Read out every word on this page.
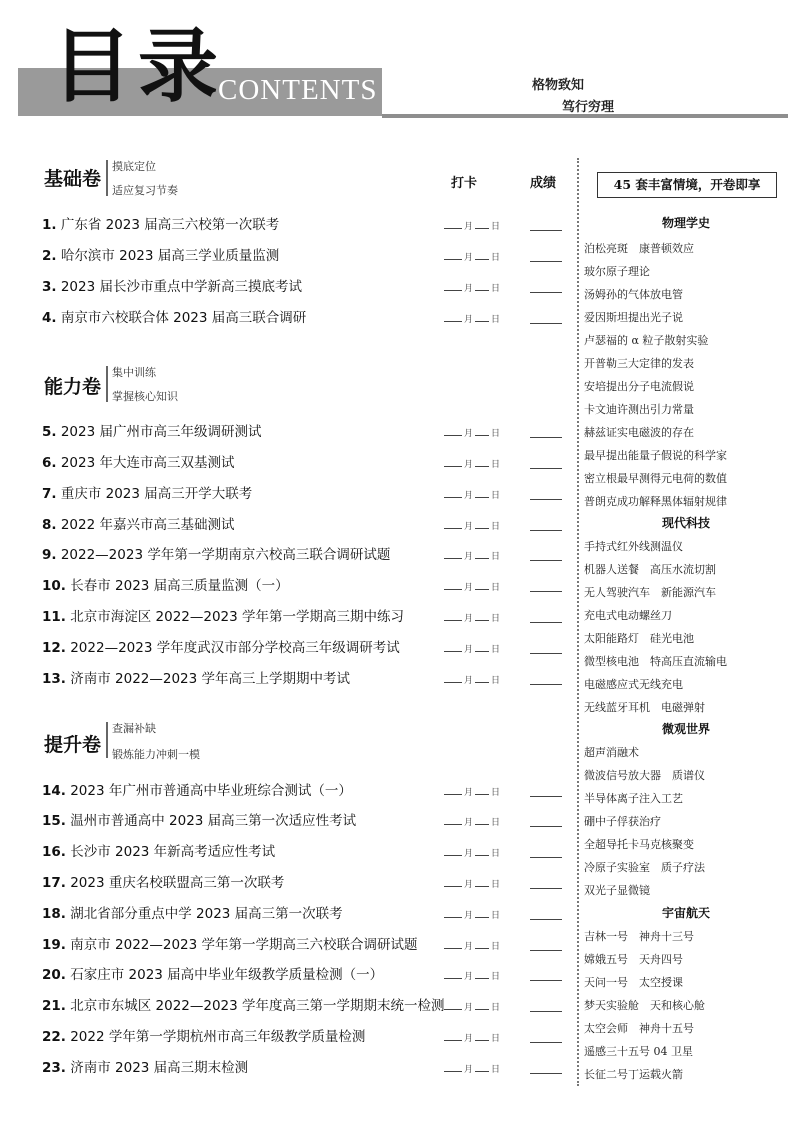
目录
CONTENTS	格物致知
笃行穷理
打卡	成绩
基础卷
摸底定位
适应复习节奏
能力卷
集中训练
掌握核心知识
提升卷
查漏补缺
锻炼能力冲刺一模
1. 广东省 2023 届高三六校第一次联考	月 日
2. 哈尔滨市 2023 届高三学业质量监测	月 日
3. 2023 届长沙市重点中学新高三摸底考试	月 日
4. 南京市六校联合体 2023 届高三联合调研	月 日
5. 2023 届广州市高三年级调研测试	月 日
6. 2023 年大连市高三双基测试	月 日
7. 重庆市 2023 届高三开学大联考	月 日
8. 2022 年嘉兴市高三基础测试	月 日
9. 2022—2023 学年第一学期南京六校高三联合调研试题	月 日
10. 长春市 2023 届高三质量监测（一）	月 日
11. 北京市海淀区 2022—2023 学年第一学期高三期中练习	月 日
12. 2022—2023 学年度武汉市部分学校高三年级调研考试	月 日
13. 济南市 2022—2023 学年高三上学期期中考试	月 日
14. 2023 年广州市普通高中毕业班综合测试（一）	月 日
15. 温州市普通高中 2023 届高三第一次适应性考试	月 日
16. 长沙市 2023 年新高考适应性考试	月 日
17. 2023 重庆名校联盟高三第一次联考	月 日
18. 湖北省部分重点中学 2023 届高三第一次联考	月 日
19. 南京市 2022—2023 学年第一学期高三六校联合调研试题	月 日
20. 石家庄市 2023 届高中毕业年级教学质量检测（一）	月 日
21. 北京市东城区 2022—2023 学年度高三第一学期期末统一检测	月 日
22. 2022 学年第一学期杭州市高三年级教学质量检测	月 日
23. 济南市 2023 届高三期末检测	月 日
45 套丰富情境，开卷即享
物理学史
泊松亮斑　康普顿效应
玻尔原子理论
汤姆孙的气体放电管
爱因斯坦提出光子说
卢瑟福的 α 粒子散射实验
开普勒三大定律的发表
安培提出分子电流假说
卡文迪许测出引力常量
赫兹证实电磁波的存在
最早提出能量子假说的科学家
密立根最早测得元电荷的数值
普朗克成功解释黑体辐射规律
现代科技
手持式红外线测温仪
机器人送餐　高压水流切割
无人驾驶汽车　新能源汽车
充电式电动螺丝刀
太阳能路灯　硅光电池
微型核电池　特高压直流输电
电磁感应式无线充电
无线蓝牙耳机　电磁弹射
微观世界
超声消融术
微波信号放大器　质谱仪
半导体离子注入工艺
硼中子俘获治疗
全超导托卡马克核聚变
冷原子实验室　质子疗法
双光子显微镜
宇宙航天
吉林一号　神舟十三号
嫦娥五号　天舟四号
天问一号　太空授课
梦天实验舱　天和核心舱
太空会师　神舟十五号
遥感三十五号 04 卫星
长征二号丁运载火箭
